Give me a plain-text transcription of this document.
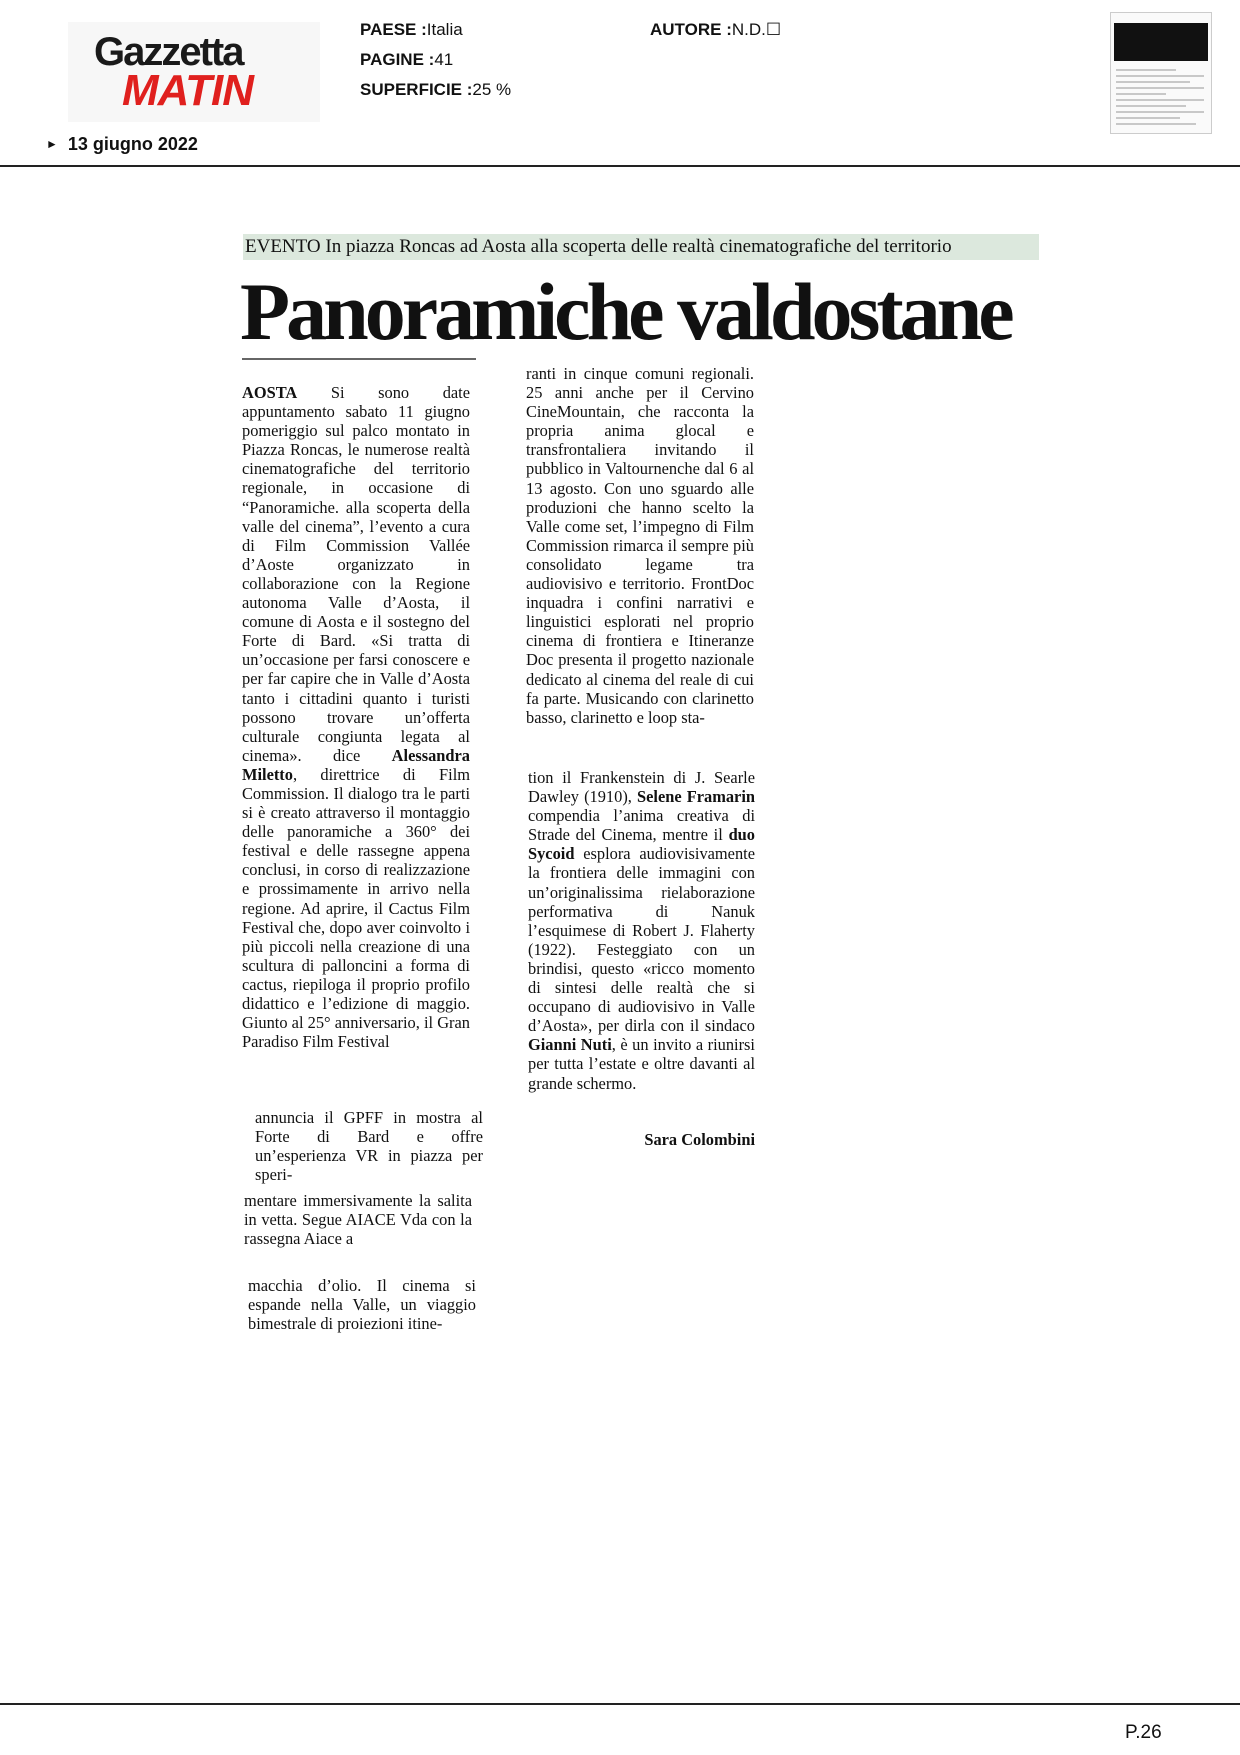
Gazzetta
MATIN
PAESE :Italia
PAGINE :41
SUPERFICIE :25 %
AUTORE :N.D.☐
► 13 giugno 2022
EVENTO In piazza Roncas ad Aosta alla scoperta delle realtà cinematografiche del territorio
Panoramiche valdostane
AOSTA Si sono date appuntamento sabato 11 giugno pomeriggio sul palco montato in Piazza Roncas, le numerose realtà cinematografiche del territorio regionale, in occasione di “Panoramiche. alla scoperta della valle del cinema”, l’evento a cura di Film Commission Vallée d’Aoste organizzato in collaborazione con la Regione autonoma Valle d’Aosta, il comune di Aosta e il sostegno del Forte di Bard. «Si tratta di un’occasione per farsi conoscere e per far capire che in Valle d’Aosta tanto i cittadini quanto i turisti possono trovare un’offerta culturale congiunta legata al cinema». dice Alessandra Miletto, direttrice di Film Commission. Il dialogo tra le parti si è creato attraverso il montaggio delle panoramiche a 360° dei festival e delle rassegne appena conclusi, in corso di realizzazione e prossimamente in arrivo nella regione. Ad aprire, il Cactus Film Festival che, dopo aver coinvolto i più piccoli nella creazione di una scultura di palloncini a forma di cactus, riepiloga il proprio profilo didattico e l’edizione di maggio. Giunto al 25° anniversario, il Gran Paradiso Film Festival
annuncia il GPFF in mostra al Forte di Bard e offre un’esperienza VR in piazza per speri-
mentare immersivamente la salita in vetta. Segue AIACE Vda con la rassegna Aiace a
macchia d’olio. Il cinema si espande nella Valle, un viaggio bimestrale di proiezioni itine-
ranti in cinque comuni regionali. 25 anni anche per il Cervino CineMountain, che racconta la propria anima glocal e transfrontaliera invitando il pubblico in Valtournenche dal 6 al 13 agosto. Con uno sguardo alle produzioni che hanno scelto la Valle come set, l’impegno di Film Commission rimarca il sempre più consolidato legame tra audiovisivo e territorio. FrontDoc inquadra i confini narrativi e linguistici esplorati nel proprio cinema di frontiera e Itineranze Doc presenta il progetto nazionale dedicato al cinema del reale di cui fa parte. Musicando con clarinetto basso, clarinetto e loop sta-
tion il Frankenstein di J. Searle Dawley (1910), Selene Framarin compendia l’anima creativa di Strade del Cinema, mentre il duo Sycoid esplora audiovisivamente la frontiera delle immagini con un’originalissima rielaborazione performativa di Nanuk l’esquimese di Robert J. Flaherty (1922). Festeggiato con un brindisi, questo «ricco momento di sintesi delle realtà che si occupano di audiovisivo in Valle d’Aosta», per dirla con il sindaco Gianni Nuti, è un invito a riunirsi per tutta l’estate e oltre davanti al grande schermo.
Sara Colombini
P.26
